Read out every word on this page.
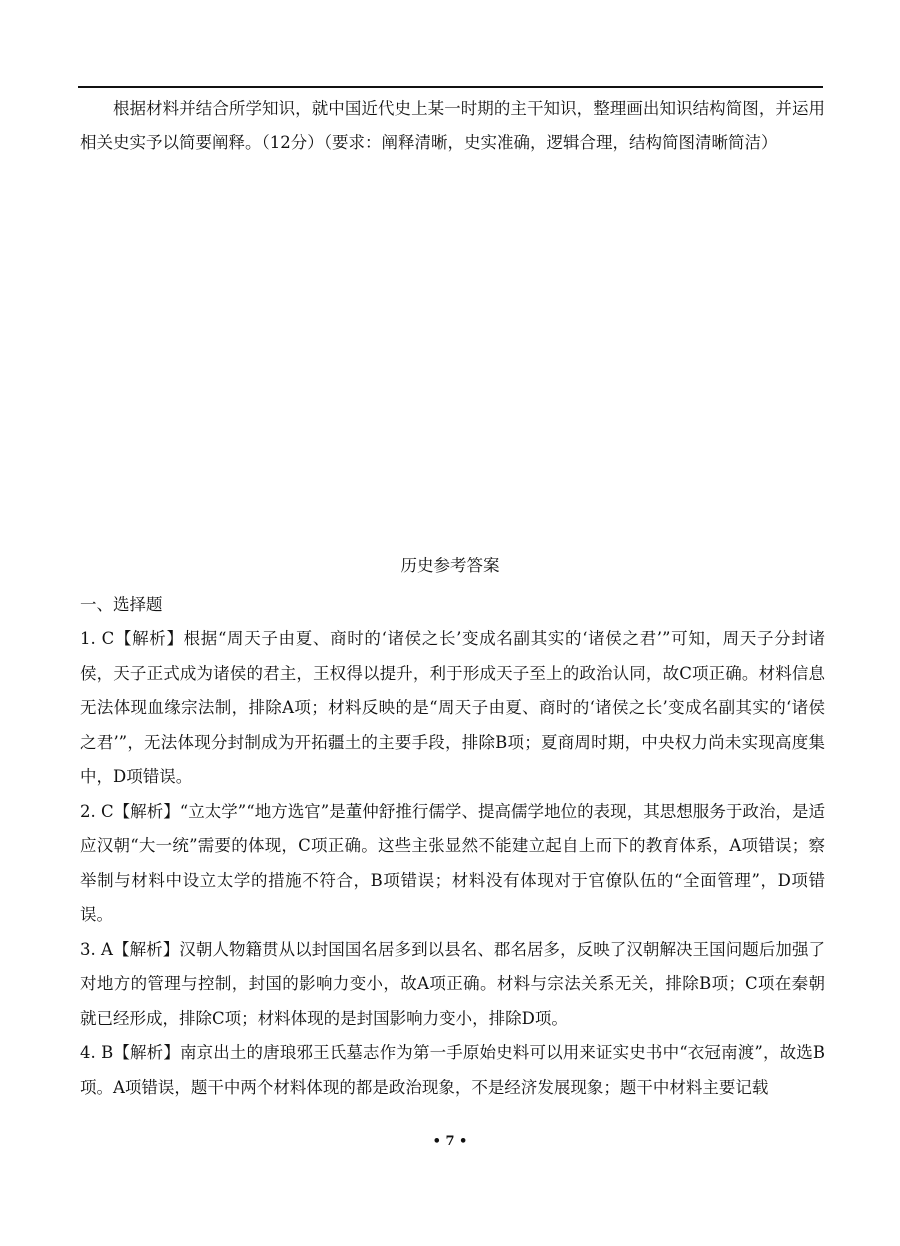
根据材料并结合所学知识，就中国近代史上某一时期的主干知识，整理画出知识结构简图，并运用相关史实予以简要阐释。（12分）（要求：阐释清晰，史实准确，逻辑合理，结构简图清晰简洁）
历史参考答案
一、选择题
1. C【解析】根据“周天子由夏、商时的‘诸侯之长’变成名副其实的‘诸侯之君’”可知，周天子分封诸侯，天子正式成为诸侯的君主，王权得以提升，利于形成天子至上的政治认同，故C项正确。材料信息无法体现血缘宗法制，排除A项；材料反映的是“周天子由夏、商时的‘诸侯之长’变成名副其实的‘诸侯之君’”，无法体现分封制成为开拓疆土的主要手段，排除B项；夏商周时期，中央权力尚未实现高度集中，D项错误。
2. C【解析】“立太学”“地方选官”是董仲舒推行儒学、提高儒学地位的表现，其思想服务于政治，是适应汉朝“大一统”需要的体现，C项正确。这些主张显然不能建立起自上而下的教育体系，A项错误；察举制与材料中设立太学的措施不符合，B项错误；材料没有体现对于官僚队伍的“全面管理”，D项错误。
3. A【解析】汉朝人物籍贯从以封国国名居多到以县名、郡名居多，反映了汉朝解决王国问题后加强了对地方的管理与控制，封国的影响力变小，故A项正确。材料与宗法关系无关，排除B项；C项在秦朝就已经形成，排除C项；材料体现的是封国影响力变小，排除D项。
4. B【解析】南京出土的唐琅邪王氏墓志作为第一手原始史料可以用来证实史书中“衣冠南渡”，故选B项。A项错误，题干中两个材料体现的都是政治现象，不是经济发展现象；题干中材料主要记载
• 7 •
